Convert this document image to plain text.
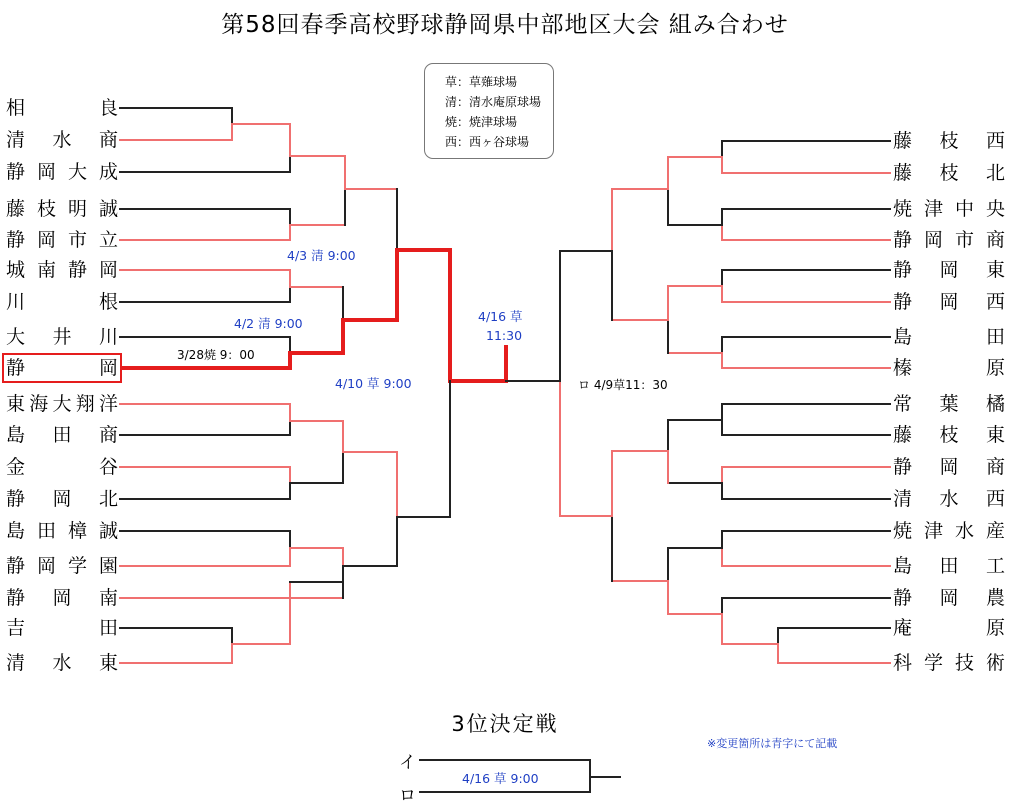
第58回春季高校野球静岡県中部地区大会 組み合わせ
草：草薙球場
清：清水庵原球場
焼：焼津球場
西：西ヶ谷球場
相	良
清 水 商
静 岡 大 成
藤 枝 明 誠
静 岡 市 立
城 南 静 岡
川	根
大 井 川
静	岡
東 海 大 翔 洋
島 田 商
金	谷
静 岡 北
島 田 樟 誠
静 岡 学 園
静 岡 南
吉	田
清 水 東
藤 枝 西
藤 枝 北
焼 津 中 央
静 岡 市 商
静 岡 東
静 岡 西
島	田
榛	原
常 葉 橘
藤 枝 東
静 岡 商
清 水 西
焼 津 水 産
島 田 工
静 岡 農
庵	原
科 学 技 術
3/28焼 9：00
4/2 清 9:00
4/3 清 9:00
4/10 草 9:00
4/16 草
11:30
ロ 4/9草11：30
3位決定戦
イ
ロ
4/16 草 9:00
※変更箇所は青字にて記載
